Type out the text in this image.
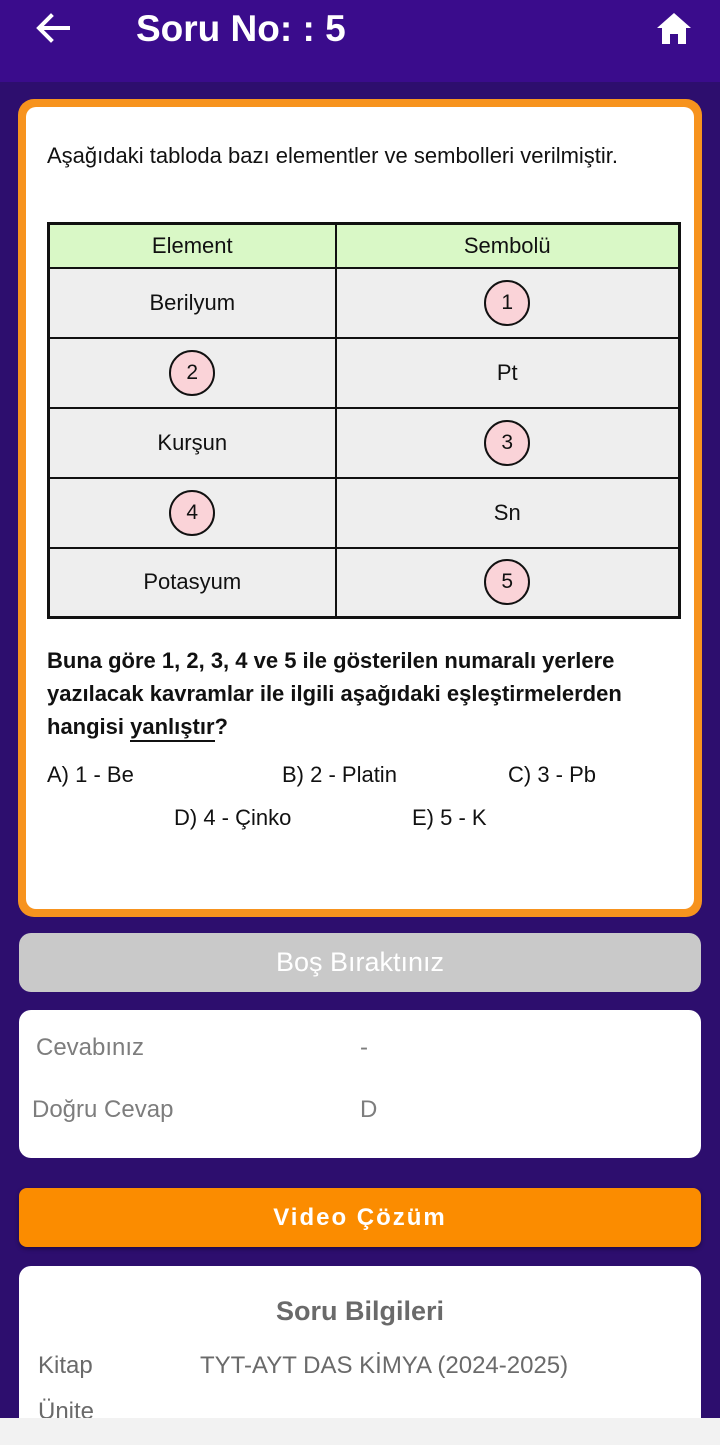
Soru No: : 5
Aşağıdaki tabloda bazı elementler ve sembolleri verilmiştir.
Element	Sembolü
Berilyum	1
2	Pt
Kurşun	3
4	Sn
Potasyum	5
Buna göre 1, 2, 3, 4 ve 5 ile gösterilen numaralı yerlere yazılacak kavramlar ile ilgili aşağıdaki eşleştirmelerden hangisi yanlıştır?
A) 1 - Be	B) 2 - Platin	C) 3 - Pb
D) 4 - Çinko	E) 5 - K
Boş Bıraktınız
Cevabınız	-
Doğru Cevap	D
Video Çözüm
Soru Bilgileri
Kitap	TYT-AYT DAS KİMYA (2024-2025)
Ünite
